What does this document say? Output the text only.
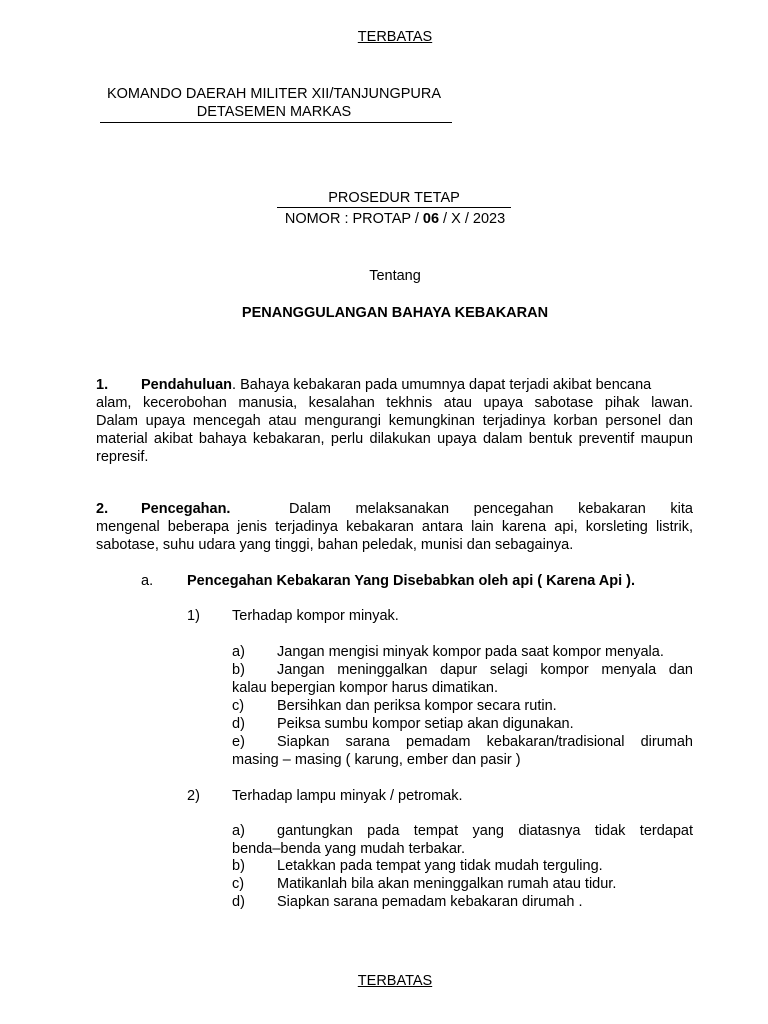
TERBATAS
KOMANDO DAERAH MILITER XII/TANJUNGPURA
DETASEMEN MARKAS
PROSEDUR TETAP
NOMOR : PROTAP / 06 / X / 2023
Tentang
PENANGGULANGAN BAHAYA KEBAKARAN
1. Pendahuluan. Bahaya kebakaran pada umumnya dapat terjadi akibat bencana
alam, kecerobohan manusia, kesalahan tekhnis atau upaya sabotase pihak lawan.
Dalam upaya mencegah atau mengurangi kemungkinan terjadinya korban personel dan
material akibat bahaya kebakaran, perlu dilakukan upaya dalam bentuk preventif maupun
represif.
2. Pencegahan.	Dalam melaksanakan pencegahan kebakaran kita
mengenal beberapa jenis terjadinya kebakaran antara lain karena api, korsleting listrik,
sabotase, suhu udara yang tinggi, bahan peledak, munisi dan sebagainya.
a. Pencegahan Kebakaran Yang Disebabkan oleh api ( Karena Api ).
1) Terhadap kompor minyak.
a) Jangan mengisi minyak kompor pada saat kompor menyala.
b) Jangan meninggalkan dapur selagi kompor menyala dan
kalau bepergian kompor harus dimatikan.
c) Bersihkan dan periksa kompor secara rutin.
d) Peiksa sumbu kompor setiap akan digunakan.
e) Siapkan sarana pemadam kebakaran/tradisional dirumah
masing – masing ( karung, ember dan pasir )
2) Terhadap lampu minyak / petromak.
a) gantungkan pada tempat yang diatasnya tidak terdapat
benda–benda yang mudah terbakar.
b) Letakkan pada tempat yang tidak mudah terguling.
c) Matikanlah bila akan meninggalkan rumah atau tidur.
d) Siapkan sarana pemadam kebakaran dirumah .
TERBATAS
